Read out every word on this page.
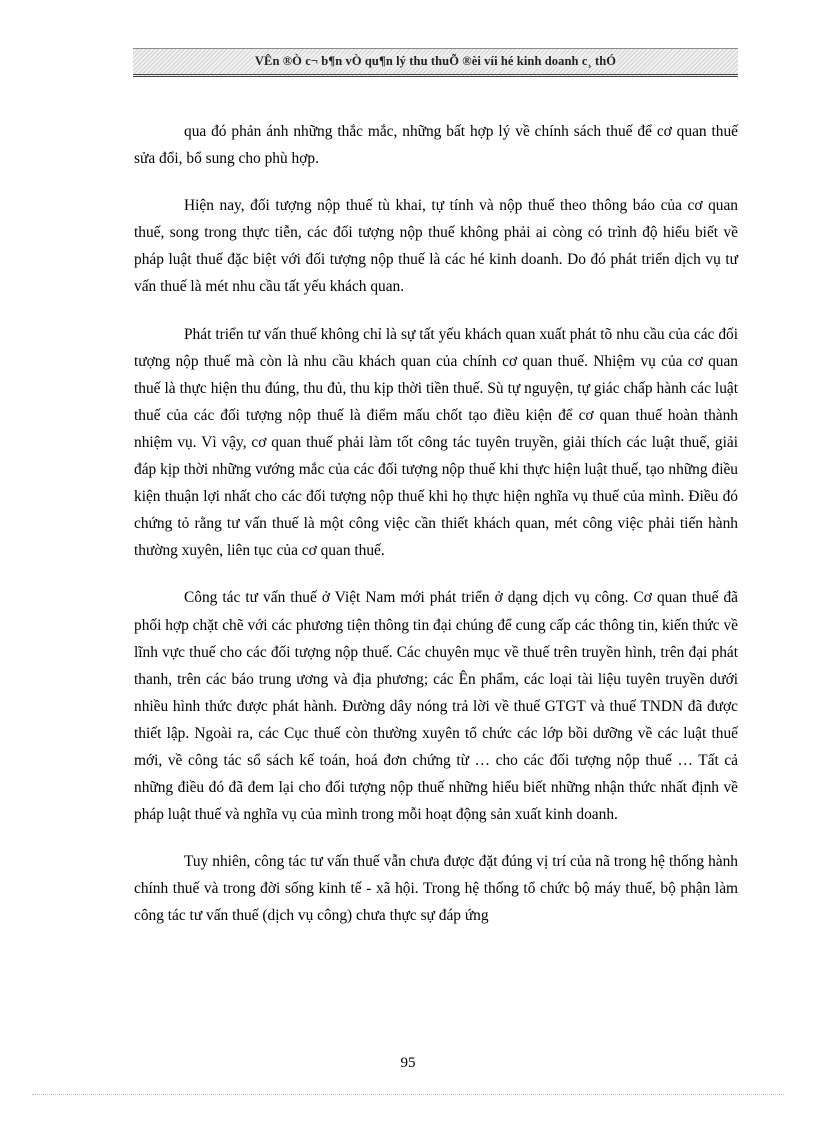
VÊn ®Ò c¬ b¶n vÒ qu¶n lý thu thuÕ ®èi víi hé kinh doanh c¸ thÓ

qua đó phản ánh những thắc mắc, những bất hợp lý về chính sách thuế để cơ quan thuế sửa đổi, bổ sung cho phù hợp.

Hiện nay, đối tượng nộp thuế tù khai, tự tính và nộp thuế theo thông báo của cơ quan thuế, song trong thực tiễn, các đối tượng nộp thuế không phải ai còng có trình độ hiểu biết về pháp luật thuế đặc biệt với đối tượng nộp thuế là các hé kinh doanh. Do đó phát triển dịch vụ tư vấn thuế là mét nhu cầu tất yếu khách quan.

Phát triển tư vấn thuế không chỉ là sự tất yếu khách quan xuất phát tõ nhu cầu của các đối tượng nộp thuế mà còn là nhu cầu khách quan của chính cơ quan thuế. Nhiệm vụ của cơ quan thuế là thực hiện thu đúng, thu đủ, thu kịp thời tiền thuế. Sù tự nguyện, tự giác chấp hành các luật thuế của các đối tượng nộp thuế là điểm mấu chốt tạo điều kiện để cơ quan thuế hoàn thành nhiệm vụ. Vì vậy, cơ quan thuế phải làm tốt công tác tuyên truyền, giải thích các luật thuế, giải đáp kịp thời những vướng mắc của các đối tượng nộp thuế khi thực hiện luật thuế, tạo những điều kiện thuận lợi nhất cho các đối tượng nộp thuế khi họ thực hiện nghĩa vụ thuế của mình. Điều đó chứng tỏ rằng tư vấn thuế là một công việc cần thiết khách quan, mét công việc phải tiến hành thường xuyên, liên tục của cơ quan thuế.

Công tác tư vấn thuế ở Việt Nam mới phát triển ở dạng dịch vụ công. Cơ quan thuế đã phối hợp chặt chẽ với các phương tiện thông tin đại chúng để cung cấp các thông tin, kiến thức về lĩnh vực thuế cho các đối tượng nộp thuế. Các chuyên mục về thuế trên truyền hình, trên đại phát thanh, trên các báo trung ương và địa phương; các Ên phẩm, các loại tài liệu tuyên truyền dưới nhiều hình thức được phát hành. Đường dây nóng trả lời về thuế GTGT và thuế TNDN đã được thiết lập. Ngoài ra, các Cục thuế còn thường xuyên tổ chức các lớp bồi dưỡng về các luật thuế mới, về công tác sổ sách kế toán, hoá đơn chứng từ … cho các đối tượng nộp thuế … Tất cả những điều đó đã đem lại cho đối tượng nộp thuế những hiểu biết những nhận thức nhất định về pháp luật thuế và nghĩa vụ của mình trong mỗi hoạt động sản xuất kinh doanh.

Tuy nhiên, công tác tư vấn thuế vẫn chưa được đặt đúng vị trí của nã trong hệ thống hành chính thuế và trong đời sống kinh tế - xã hội. Trong hệ thống tổ chức bộ máy thuế, bộ phận làm công tác tư vấn thuế (dịch vụ công) chưa thực sự đáp ứng

95
